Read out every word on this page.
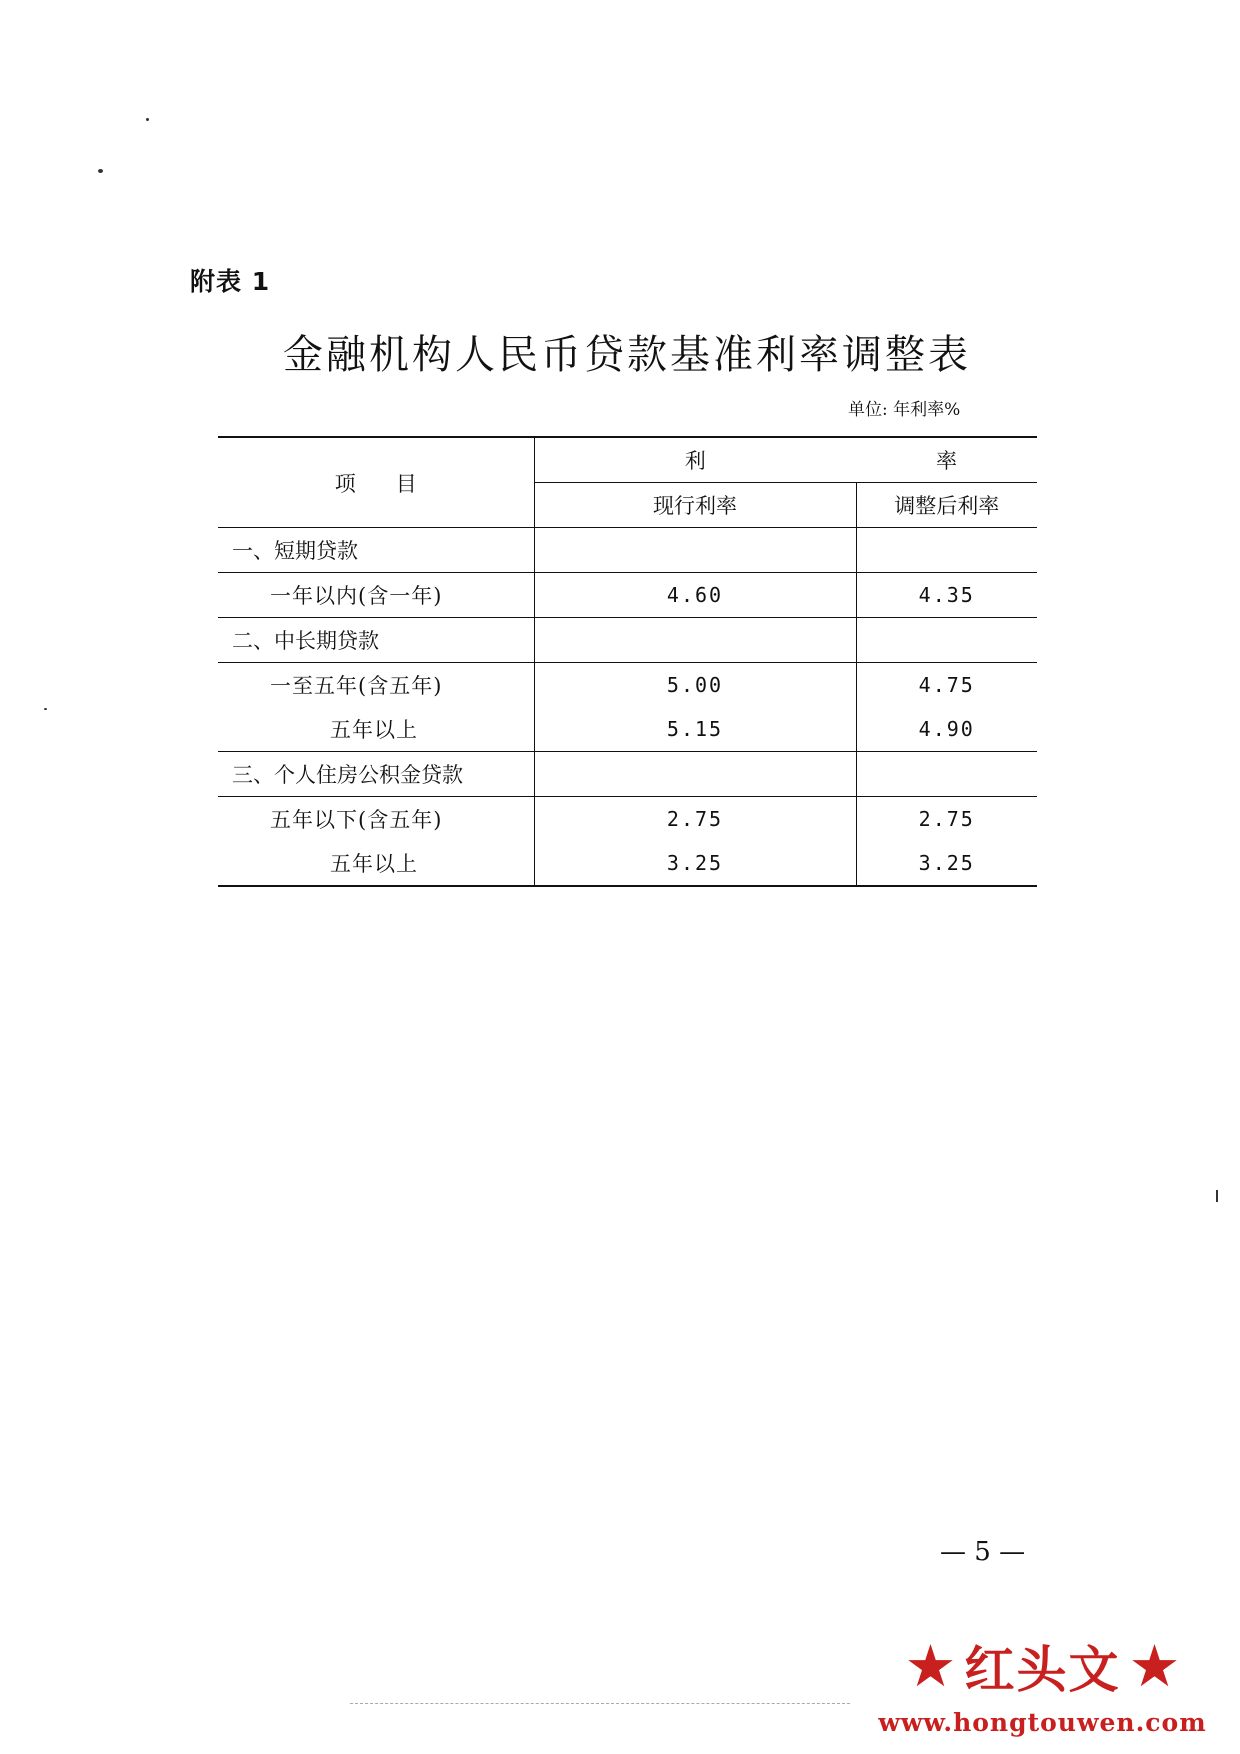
附表 1
金融机构人民币贷款基准利率调整表
单位: 年利率%
项      目	利	率
	现行利率	调整后利率
一、短期贷款		
一年以内(含一年)	4.60	4.35
二、中长期贷款		
一至五年(含五年)	5.00	4.75
五年以上	5.15	4.90
三、个人住房公积金贷款		
五年以下(含五年)	2.75	2.75
五年以上	3.25	3.25
— 5 —
★ 红头文 ★
www.hongtouwen.com
